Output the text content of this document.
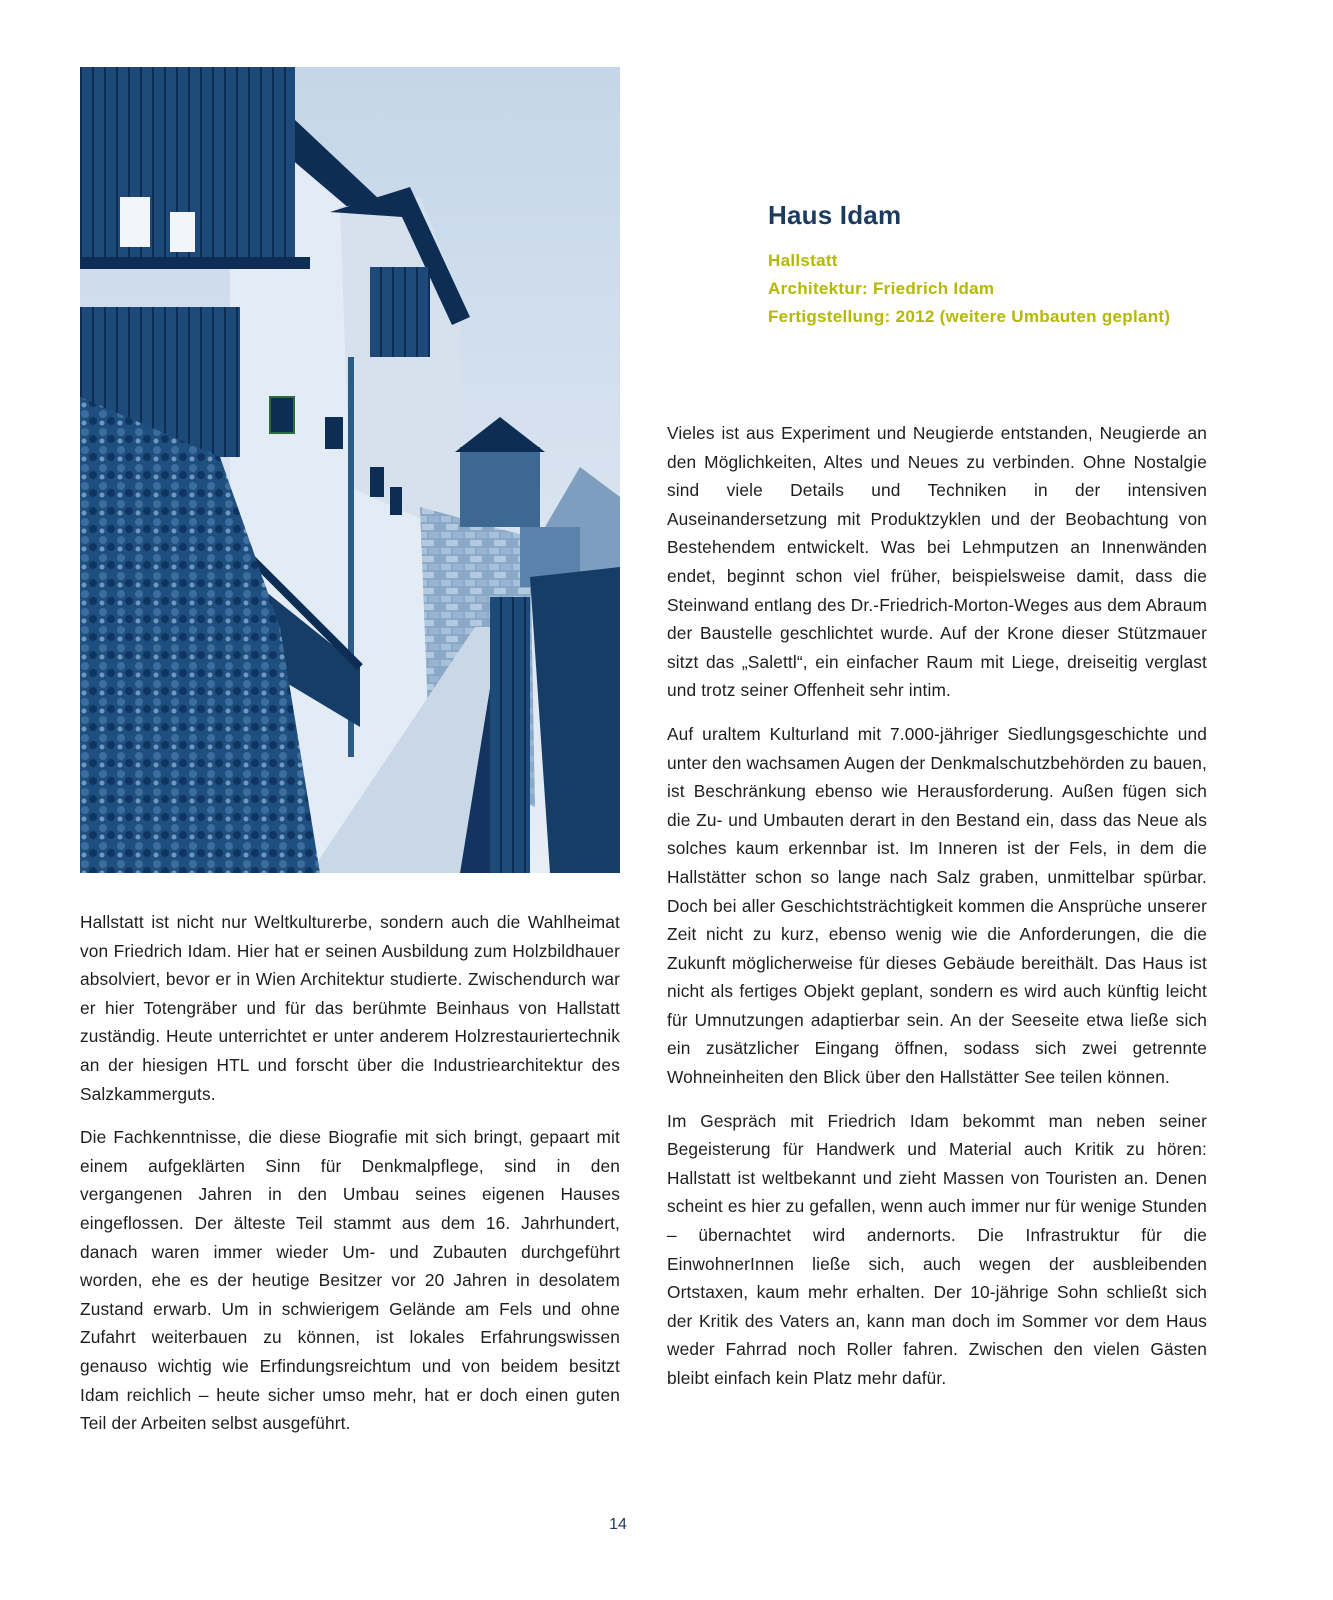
Haus Idam

Hallstatt

Architektur: Friedrich Idam

Fertigstellung: 2012 (weitere Umbauten geplant)

Hallstatt ist nicht nur Weltkulturerbe, sondern auch die Wahlheimat von Friedrich Idam. Hier hat er seinen Ausbildung zum Holzbildhauer absolviert, bevor er in Wien Architektur studierte. Zwischendurch war er hier Totengräber und für das berühmte Beinhaus von Hallstatt zuständig. Heute unterrichtet er unter anderem Holzrestauriertechnik an der hiesigen HTL und forscht über die Industriearchitektur des Salzkammerguts.

Die Fachkenntnisse, die diese Biografie mit sich bringt, gepaart mit einem aufgeklärten Sinn für Denkmalpflege, sind in den vergangenen Jahren in den Umbau seines eigenen Hauses eingeflossen. Der älteste Teil stammt aus dem 16. Jahrhundert, danach waren immer wieder Um- und Zubauten durchgeführt worden, ehe es der heutige Besitzer vor 20 Jahren in desolatem Zustand erwarb. Um in schwierigem Gelände am Fels und ohne Zufahrt weiterbauen zu können, ist lokales Erfahrungswissen genauso wichtig wie Erfindungsreichtum und von beidem besitzt Idam reichlich – heute sicher umso mehr, hat er doch einen guten Teil der Arbeiten selbst ausgeführt.

Vieles ist aus Experiment und Neugierde entstanden, Neugierde an den Möglichkeiten, Altes und Neues zu verbinden. Ohne Nostalgie sind viele Details und Techniken in der intensiven Auseinandersetzung mit Produktzyklen und der Beobachtung von Bestehendem entwickelt. Was bei Lehmputzen an Innenwänden endet, beginnt schon viel früher, beispielsweise damit, dass die Steinwand entlang des Dr.-Friedrich-Morton-Weges aus dem Abraum der Baustelle geschlichtet wurde. Auf der Krone dieser Stützmauer sitzt das „Salettl“, ein einfacher Raum mit Liege, dreiseitig verglast und trotz seiner Offenheit sehr intim.

Auf uraltem Kulturland mit 7.000-jähriger Siedlungsgeschichte und unter den wachsamen Augen der Denkmalschutzbehörden zu bauen, ist Beschränkung ebenso wie Herausforderung. Außen fügen sich die Zu- und Umbauten derart in den Bestand ein, dass das Neue als solches kaum erkennbar ist. Im Inneren ist der Fels, in dem die Hallstätter schon so lange nach Salz graben, unmittelbar spürbar. Doch bei aller Geschichtsträchtigkeit kommen die Ansprüche unserer Zeit nicht zu kurz, ebenso wenig wie die Anforderungen, die die Zukunft möglicherweise für dieses Gebäude bereithält. Das Haus ist nicht als fertiges Objekt geplant, sondern es wird auch künftig leicht für Umnutzungen adaptierbar sein. An der Seeseite etwa ließe sich ein zusätzlicher Eingang öffnen, sodass sich zwei getrennte Wohneinheiten den Blick über den Hallstätter See teilen können.

Im Gespräch mit Friedrich Idam bekommt man neben seiner Begeisterung für Handwerk und Material auch Kritik zu hören: Hallstatt ist weltbekannt und zieht Massen von Touristen an. Denen scheint es hier zu gefallen, wenn auch immer nur für wenige Stunden – übernachtet wird andernorts. Die Infrastruktur für die EinwohnerInnen ließe sich, auch wegen der ausbleibenden Ortstaxen, kaum mehr erhalten. Der 10-jährige Sohn schließt sich der Kritik des Vaters an, kann man doch im Sommer vor dem Haus weder Fahrrad noch Roller fahren. Zwischen den vielen Gästen bleibt einfach kein Platz mehr dafür.

14
